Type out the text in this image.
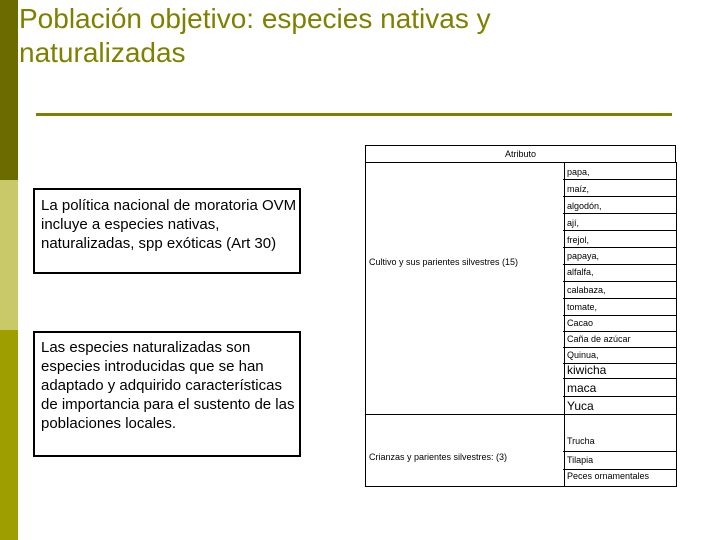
Población objetivo: especies nativas y naturalizadas
La política nacional de moratoria OVM incluye a especies nativas, naturalizadas, spp exóticas (Art 30)
Las especies naturalizadas son especies introducidas que se han adaptado y adquirido características de importancia para el sustento de las poblaciones locales.
Atributo
Cultivo y sus parientes silvestres (15)
Crianzas y parientes silvestres: (3)
papa,
maíz,
algodón,
ají,
frejol,
papaya,
alfalfa,
calabaza,
tomate,
Cacao
Caña de azúcar
Quinua,
kiwicha
maca
Yuca
Trucha
Tilapia
Peces ornamentales
